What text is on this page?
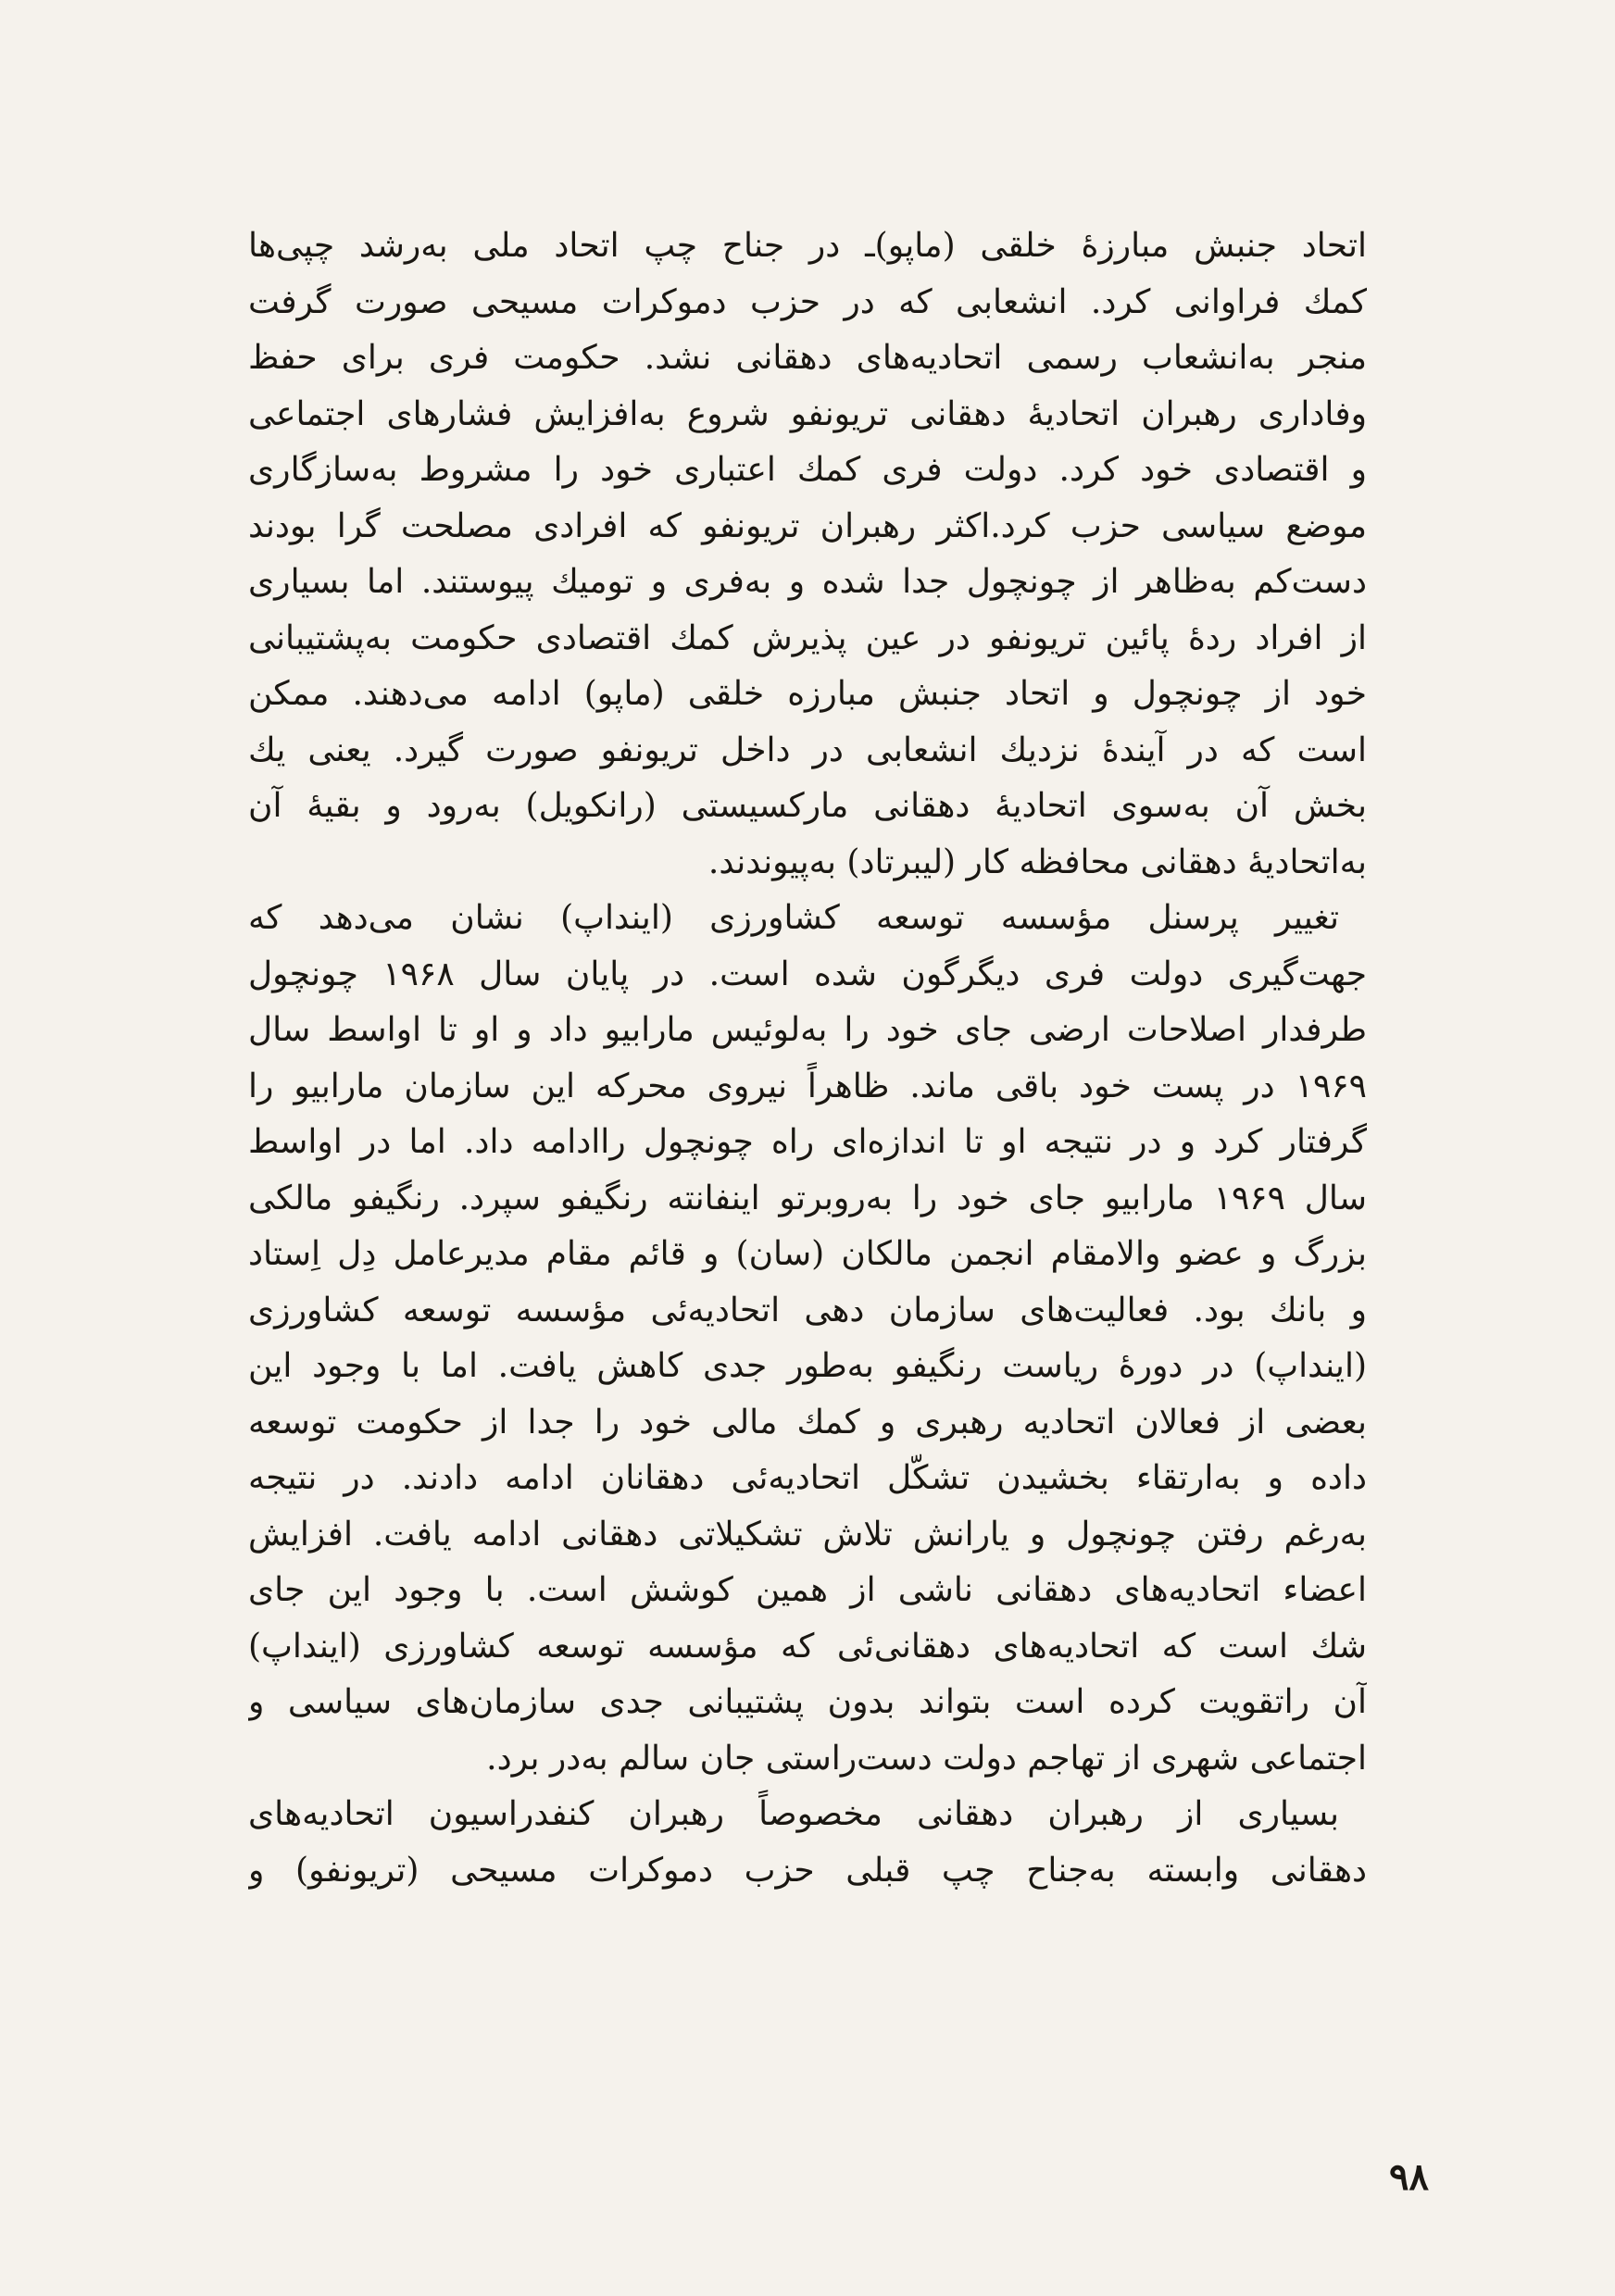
اتحاد جنبش مبارزهٔ خلقی (ماپو)ـ در جناح چپ اتحاد ملی به‌رشد چپی‌ها
کمك فراوانی کرد. انشعابی که در حزب دموکرات مسیحی صورت گرفت
منجر به‌انشعاب رسمی اتحادیه‌های دهقانی نشد. حکومت فری برای حفظ
وفاداری رهبران اتحادیهٔ دهقانی تریونفو شروع به‌افزایش فشارهای اجتماعی
و اقتصادی خود کرد. دولت فری کمك اعتباری خود را مشروط به‌سازگاری
موضع سیاسی حزب کرد.اکثر رهبران تریونفو که افرادی مصلحت گرا بودند
دست‌کم به‌ظاهر از چونچول جدا شده و به‌فری و تومیك پیوستند. اما بسیاری
از افراد ردهٔ پائین تریونفو در عین پذیرش کمك اقتصادی حکومت به‌پشتیبانی
خود از چونچول و اتحاد جنبش مبارزه خلقی (ماپو) ادامه می‌دهند. ممکن
است که در آیندهٔ نزدیك انشعابی در داخل تریونفو صورت گیرد. یعنی یك
بخش آن به‌سوی اتحادیهٔ دهقانی مارکسیستی (رانکویل) به‌رود و بقیهٔ آن
به‌اتحادیهٔ دهقانی محافظه کار (لیبرتاد) به‌پیوندند.
تغییر پرسنل مؤسسه توسعه کشاورزی (ایندا‌پ) نشان می‌دهد که
جهت‌گیری دولت فری دیگرگون شده است. در پایان سال ۱۹۶۸ چونچول
طرفدار اصلاحات ارضی جای خود را به‌لوئیس مارابیو داد و او تا اواسط سال
۱۹۶۹ در پست خود باقی ماند. ظاهراً نیروی محرکه این سازمان مارابیو را
گرفتار کرد و در نتیجه او تا اندازه‌ای راه چونچول راادامه داد. اما در اواسط
سال ۱۹۶۹ مارابیو جای خود را به‌روبرتو اینفانته رنگیفو سپرد. رنگیفو مالکی
بزرگ و عضو والامقام انجمن مالکان (سان) و قائم مقام مدیرعامل دِل اِستاد
و بانك بود. فعالیت‌های سازمان دهی اتحادیه‌ئی مؤسسه توسعه کشاورزی
(ایندا‌پ) در دورهٔ ریاست رنگیفو به‌طور جدی کاهش یافت. اما با وجود این
بعضی از فعالان اتحادیه رهبری و کمك مالی خود را جدا از حکومت توسعه
داده و به‌ارتقاء بخشیدن تشکّل اتحادیه‌ئی دهقانان ادامه دادند. در نتیجه
به‌رغم رفتن چونچول و یارانش تلاش تشکیلاتی دهقانی ادامه یافت. افزایش
اعضاء اتحادیه‌های دهقانی ناشی از همین کوشش است. با وجود این جای
شك است که اتحادیه‌های دهقانی‌ئی که مؤسسه توسعه کشاورزی (ایندا‌پ)
آن راتقویت کرده است بتواند بدون پشتیبانی جدی سازمان‌های سیاسی و
اجتماعی شهری از تهاجم دولت دست‌راستی جان سالم به‌در برد.
بسیاری از رهبران دهقانی مخصوصاً رهبران کنفدراسیون اتحادیه‌های
دهقانی وابسته به‌جناح چپ قبلی حزب دموکرات مسیحی (تریونفو) و
۹۸
